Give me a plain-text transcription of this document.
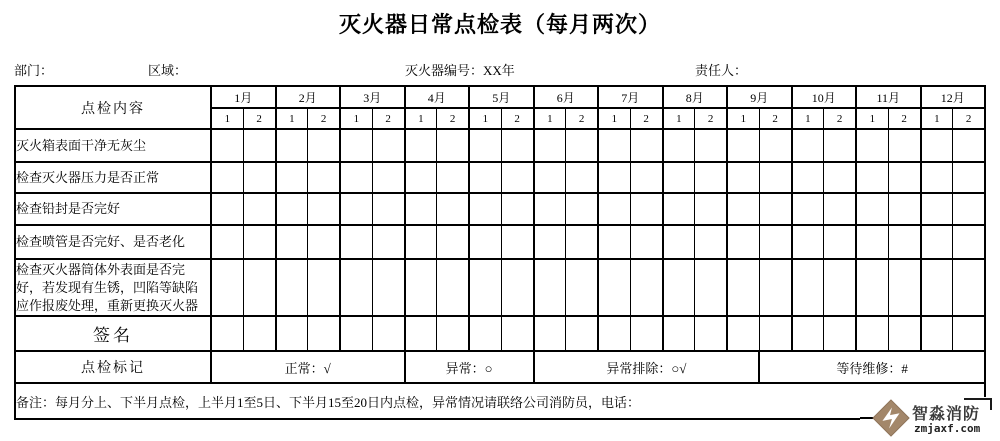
灭火器日常点检表（每月两次）
部门：	区域：	灭火器编号：XX年	责任人：
点检内容	1月		2月		3月		4月		5月		6月		7月		8月		9月		10月		11月		12月	
	1	2	1	2	1	2	1	2	1	2	1	2	1	2	1	2	1	2	1	2	1	2	1	2
灭火箱表面干净无灰尘																								
检查灭火器压力是否正常																								
检查铅封是否完好																								
检查喷管是否完好、是否老化																								
检查灭火器筒体外表面是否完好，若发现有生锈，凹陷等缺陷应作报废处理，重新更换灭火器																								
签名																								
点检标记	正常：√						异常：○				异常排除：○√							等待维修：#						
备注：每月分上、下半月点检，上半月1至5日、下半月15至20日内点检，异常情况请联络公司消防员，电话：																								
智淼消防
zmjaxf.com
